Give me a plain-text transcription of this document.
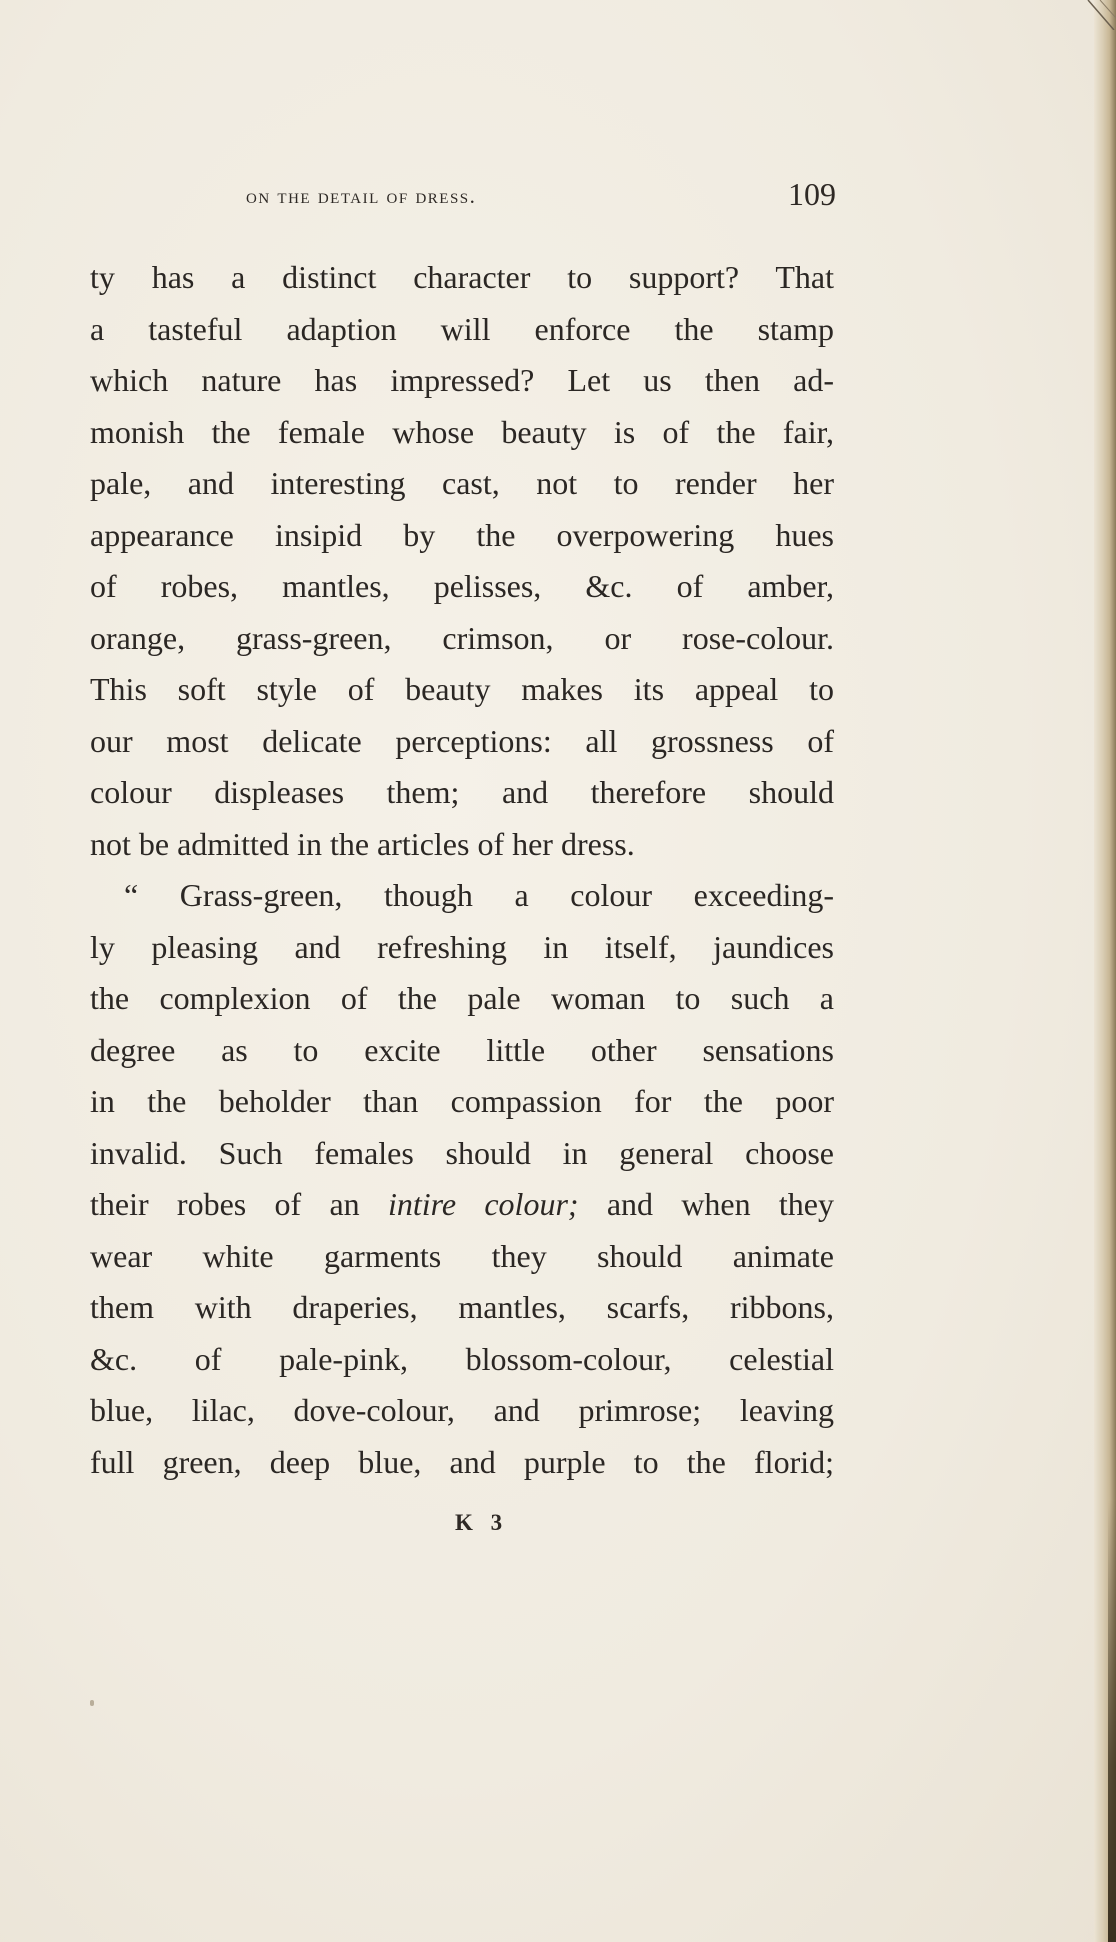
on the detail of dress.	109
ty has a distinct character to support? That
a tasteful adaption will enforce the stamp
which nature has impressed? Let us then ad-
monish the female whose beauty is of the fair,
pale, and interesting cast, not to render her
appearance insipid by the overpowering hues
of robes, mantles, pelisses, &c. of amber,
orange, grass-green, crimson, or rose-colour.
This soft style of beauty makes its appeal to
our most delicate perceptions: all grossness of
colour displeases them; and therefore should
not be admitted in the articles of her dress.
“ Grass-green, though a colour exceeding-
ly pleasing and refreshing in itself, jaundices
the complexion of the pale woman to such a
degree as to excite little other sensations
in the beholder than compassion for the poor
invalid. Such females should in general choose
their robes of an intire colour; and when they
wear white garments they should animate
them with draperies, mantles, scarfs, ribbons,
&c. of pale-pink, blossom-colour, celestial
blue, lilac, dove-colour, and primrose; leaving
full green, deep blue, and purple to the florid;
K 3
